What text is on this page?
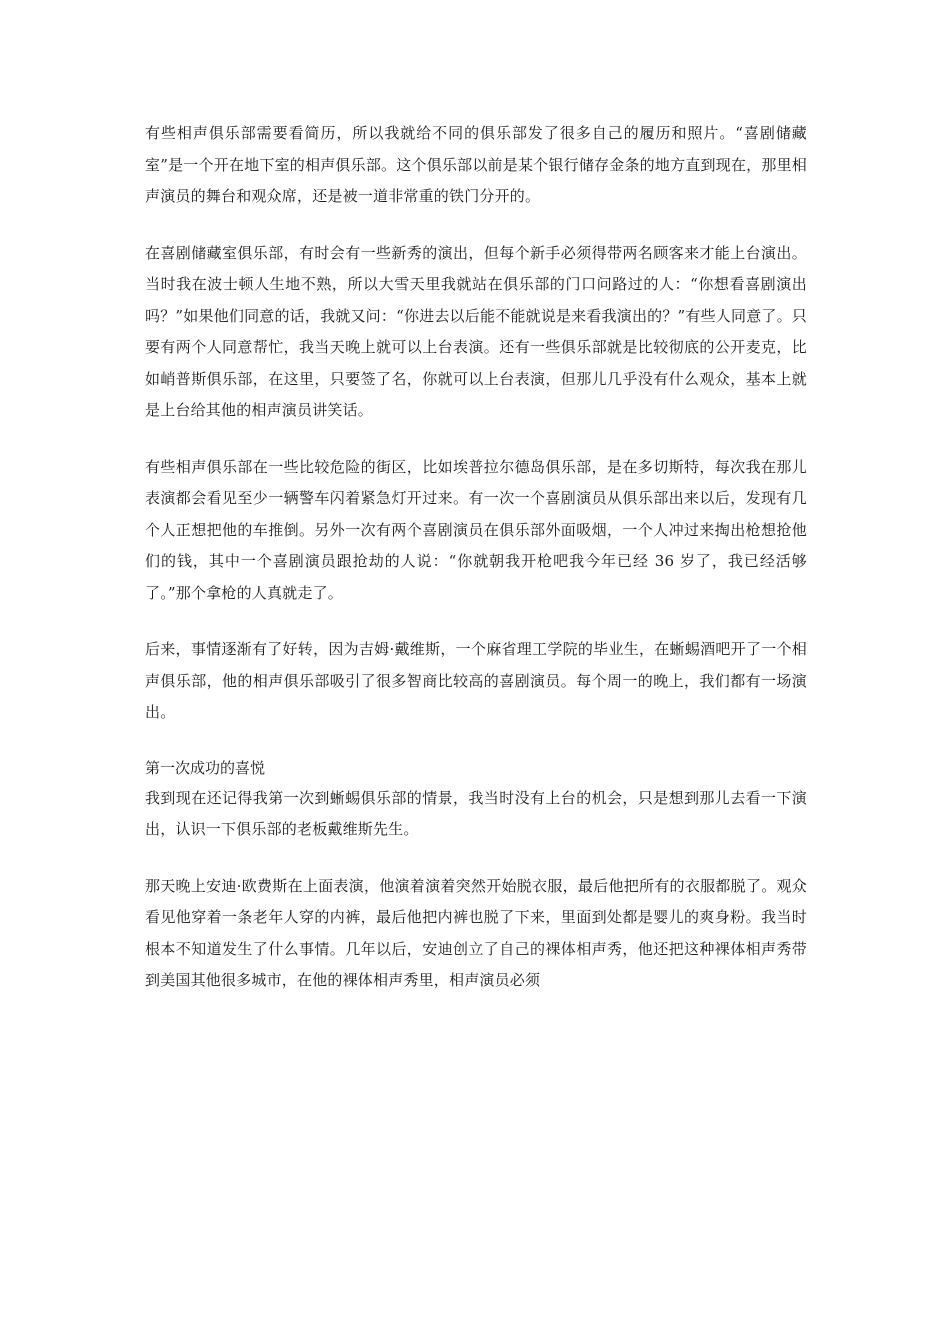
有些相声俱乐部需要看简历，所以我就给不同的俱乐部发了很多自己的履历和照片。“喜剧储藏室”是一个开在地下室的相声俱乐部。这个俱乐部以前是某个银行储存金条的地方直到现在，那里相声演员的舞台和观众席，还是被一道非常重的铁门分开的。

在喜剧储藏室俱乐部，有时会有一些新秀的演出，但每个新手必须得带两名顾客来才能上台演出。当时我在波士顿人生地不熟，所以大雪天里我就站在俱乐部的门口问路过的人：“你想看喜剧演出吗？”如果他们同意的话，我就又问：“你进去以后能不能就说是来看我演出的？”有些人同意了。只要有两个人同意帮忙，我当天晚上就可以上台表演。还有一些俱乐部就是比较彻底的公开麦克，比如峭普斯俱乐部，在这里，只要签了名，你就可以上台表演，但那儿几乎没有什么观众，基本上就是上台给其他的相声演员讲笑话。

有些相声俱乐部在一些比较危险的街区，比如埃普拉尔德岛俱乐部，是在多切斯特，每次我在那儿表演都会看见至少一辆警车闪着紧急灯开过来。有一次一个喜剧演员从俱乐部出来以后，发现有几个人正想把他的车推倒。另外一次有两个喜剧演员在俱乐部外面吸烟，一个人冲过来掏出枪想抢他们的钱，其中一个喜剧演员跟抢劫的人说：“你就朝我开枪吧我今年已经 36 岁了，我已经活够了。”那个拿枪的人真就走了。

后来，事情逐渐有了好转，因为吉姆·戴维斯，一个麻省理工学院的毕业生，在蜥蜴酒吧开了一个相声俱乐部，他的相声俱乐部吸引了很多智商比较高的喜剧演员。每个周一的晚上，我们都有一场演出。

第一次成功的喜悦

我到现在还记得我第一次到蜥蜴俱乐部的情景，我当时没有上台的机会，只是想到那儿去看一下演出，认识一下俱乐部的老板戴维斯先生。

那天晚上安迪·欧费斯在上面表演，他演着演着突然开始脱衣服，最后他把所有的衣服都脱了。观众看见他穿着一条老年人穿的内裤，最后他把内裤也脱了下来，里面到处都是婴儿的爽身粉。我当时根本不知道发生了什么事情。几年以后，安迪创立了自己的裸体相声秀，他还把这种裸体相声秀带到美国其他很多城市，在他的裸体相声秀里，相声演员必须
